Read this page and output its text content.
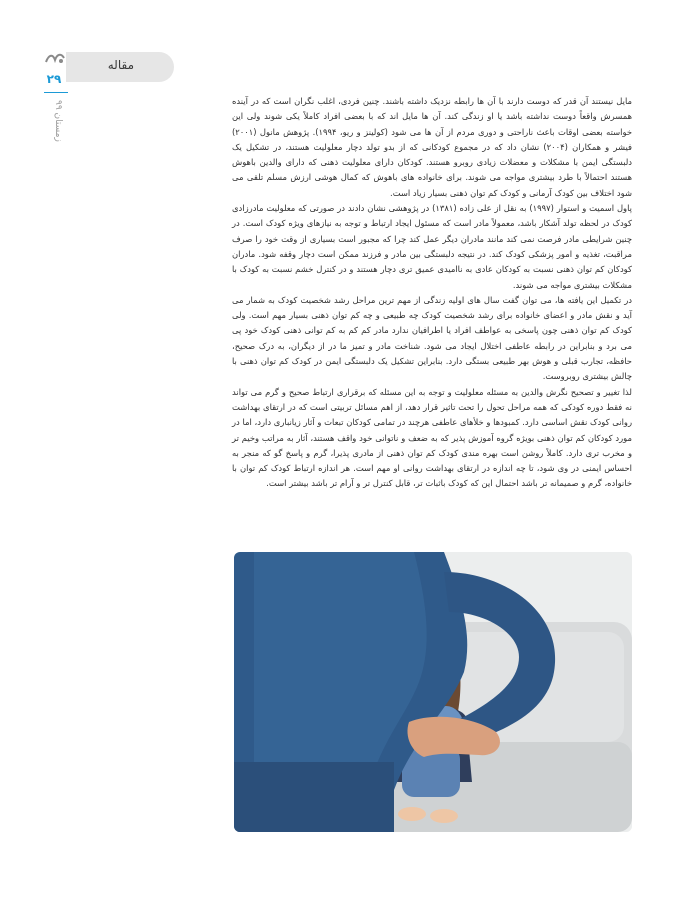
۲۹
زمستان ۹۹
مقاله

مایل نیستند آن قدر که دوست دارند با آن ها رابطه نزدیک داشته باشند. چنین فردی، اغلب نگران است که در آینده همسرش واقعاً دوست نداشته باشد یا او زندگی کند. آن ها مایل اند که با بعضی افراد کاملاً یکی شوند ولی این خواسته بعضی اوقات باعث ناراحتی و دوری مردم از آن ها می شود (کولینز و ریو، ۱۹۹۴). پژوهش مانول (۲۰۰۱) فیشر و همکاران (۲۰۰۴) نشان داد که در مجموع کودکانی که از بدو تولد دچار معلولیت هستند، در تشکیل یک دلبستگی ایمن با مشکلات و معضلات زیادی روبرو هستند. کودکان دارای معلولیت ذهنی که دارای والدین باهوش هستند احتمالاً با طرد بیشتری مواجه می شوند. برای خانواده های باهوش که کمال هوشی ارزش مسلم تلقی می شود اختلاف بین کودک آرمانی و کودک کم توان ذهنی بسیار زیاد است.

پاول اسمیت و استوار (۱۹۹۷) به نقل از علی زاده (۱۳۸۱) در پژوهشی نشان دادند در صورتی که معلولیت مادرزادی کودک در لحظه تولد آشکار باشد، معمولاً مادر است که مسئول ایجاد ارتباط و توجه به نیازهای ویژه کودک است. در چنین شرایطی مادر فرصت نمی کند مانند مادران دیگر عمل کند چرا که مجبور است بسیاری از وقت خود را صرف مراقبت، تغذیه و امور پزشکی کودک کند. در نتیجه دلبستگی بین مادر و فرزند ممکن است دچار وقفه شود. مادران کودکان کم توان ذهنی نسبت به کودکان عادی به ناامیدی عمیق تری دچار هستند و در کنترل خشم نسبت به کودک با مشکلات بیشتری مواجه می شوند.

در تکمیل این یافته ها، می توان گفت سال های اولیه زندگی از مهم ترین مراحل رشد شخصیت کودک به شمار می آید و نقش مادر و اعضای خانواده برای رشد شخصیت کودک چه طبیعی و چه کم توان ذهنی بسیار مهم است. ولی کودک کم توان ذهنی چون پاسخی به عواطف افراد یا اطرافیان ندارد مادر کم کم به کم توانی ذهنی کودک خود پی می برد و بنابراین در رابطه عاطفی اختلال ایجاد می شود. شناخت مادر و تمیز ما در از دیگران، به درک صحیح، حافظه، تجارب قبلی و هوش بهر طبیعی بستگی دارد. بنابراین تشکیل یک دلبستگی ایمن در کودک کم توان ذهنی با چالش بیشتری روبروست.

لذا تغییر و تصحیح نگرش والدین به مسئله معلولیت و توجه به این مسئله که برقراری ارتباط صحیح و گرم می تواند نه فقط دوره کودکی که همه مراحل تحول را تحت تاثیر قرار دهد، از اهم مسائل تربیتی است که در ارتقای بهداشت روانی کودک نقش اساسی دارد. کمبودها و خلأهای عاطفی هرچند در تمامی کودکان تبعات و آثار زیانباری دارد، اما در مورد کودکان کم توان ذهنی بویژه گروه آموزش پذیر که به ضعف و ناتوانی خود واقف هستند، آثار به مراتب وخیم تر و مخرب تری دارد. کاملاً روشن است بهره مندی کودک کم توان ذهنی از مادری پذیرا، گرم و پاسخ گو که منجر به احساس ایمنی در وی شود، تا چه اندازه در ارتقای بهداشت روانی او مهم است. هر اندازه ارتباط کودک کم توان با خانواده، گرم و صمیمانه تر باشد احتمال این که کودک باثبات تر، قابل کنترل تر و آرام تر باشد بیشتر است.
